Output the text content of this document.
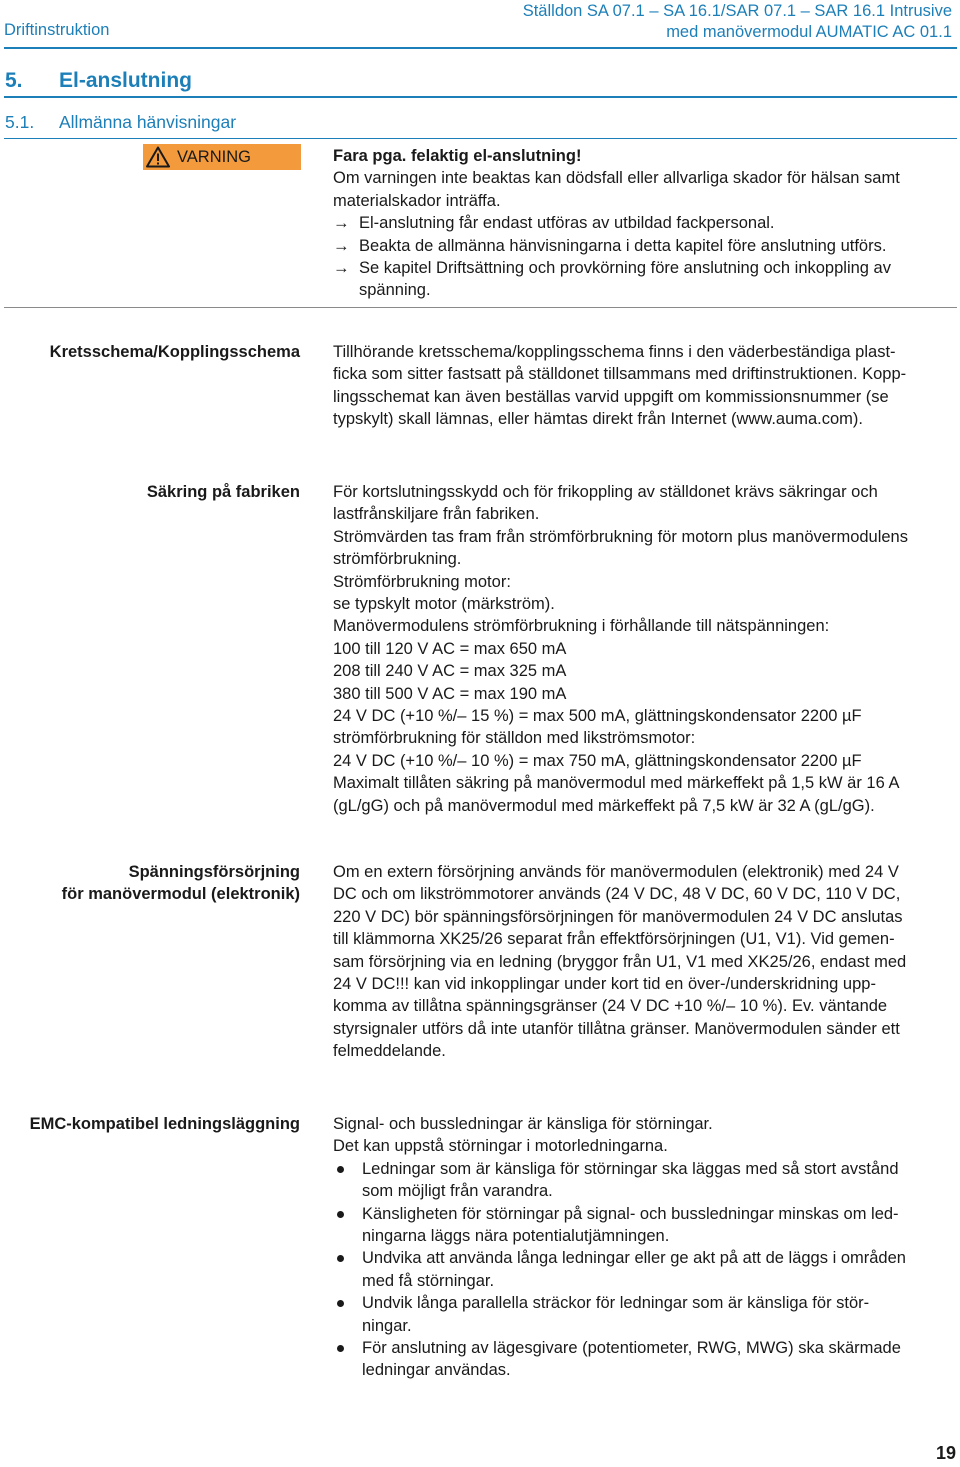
Driftinstruktion
Ställdon SA 07.1 – SA 16.1/SAR 07.1 – SAR 16.1 Intrusive
med manövermodul AUMATIC AC 01.1
5. El-anslutning
5.1. Allmänna hänvisningar
VARNING	Fara pga. felaktig el-anslutning!
Om varningen inte beaktas kan dödsfall eller allvarliga skador för hälsan samt
materialskador inträffa.
→ El-anslutning får endast utföras av utbildad fackpersonal.
→ Beakta de allmänna hänvisningarna i detta kapitel före anslutning utförs.
→ Se kapitel Driftsättning och provkörning före anslutning och inkoppling av spänning.
Kretsschema/Kopplingsschema Tillhörande kretsschema/kopplingsschema finns i den väderbeständiga plast-
ficka som sitter fastsatt på ställdonet tillsammans med driftinstruktionen. Kopp-
lingsschemat kan även beställas varvid uppgift om kommissionsnummer (se
typskylt) skall lämnas, eller hämtas direkt från Internet (www.auma.com).
Säkring på fabriken För kortslutningsskydd och för frikoppling av ställdonet krävs säkringar och
lastfrånskiljare från fabriken.
Strömvärden tas fram från strömförbrukning för motorn plus manövermodulens
strömförbrukning.
Strömförbrukning motor:
se typskylt motor (märkström).
Manövermodulens strömförbrukning i förhållande till nätspänningen:
100 till 120 V AC = max 650 mA
208 till 240 V AC = max 325 mA
380 till 500 V AC = max 190 mA
24 V DC (+10 %/– 15 %) = max 500 mA, glättningskondensator 2200 µF
strömförbrukning för ställdon med likströmsmotor:
24 V DC (+10 %/– 10 %) = max 750 mA, glättningskondensator 2200 µF
Maximalt tillåten säkring på manövermodul med märkeffekt på 1,5 kW är 16 A
(gL/gG) och på manövermodul med märkeffekt på 7,5 kW är 32 A (gL/gG).
Spänningsförsörjning
för manövermodul (elektronik)
Om en extern försörjning används för manövermodulen (elektronik) med 24 V
DC och om likströmmotorer används (24 V DC, 48 V DC, 60 V DC, 110 V DC,
220 V DC) bör spänningsförsörjningen för manövermodulen 24 V DC anslutas
till klämmorna XK25/26 separat från effektförsörjningen (U1, V1). Vid gemen-
sam försörjning via en ledning (bryggor från U1, V1 med XK25/26, endast med
24 V DC!!! kan vid inkopplingar under kort tid en över-/underskridning upp-
komma av tillåtna spänningsgränser (24 V DC +10 %/– 10 %). Ev. väntande
styrsignaler utförs då inte utanför tillåtna gränser. Manövermodulen sänder ett
felmeddelande.
EMC-kompatibel ledningsläggning Signal- och bussledningar är känsliga för störningar.
Det kan uppstå störningar i motorledningarna.
Ledningar som är känsliga för störningar ska läggas med så stort avstånd
som möjligt från varandra.
Känsligheten för störningar på signal- och bussledningar minskas om led-
ningarna läggs nära potentialutjämningen.
Undvika att använda långa ledningar eller ge akt på att de läggs i områden
med få störningar.
Undvik långa parallella sträckor för ledningar som är känsliga för stör-
ningar.
För anslutning av lägesgivare (potentiometer, RWG, MWG) ska skärmade
ledningar användas.
19
